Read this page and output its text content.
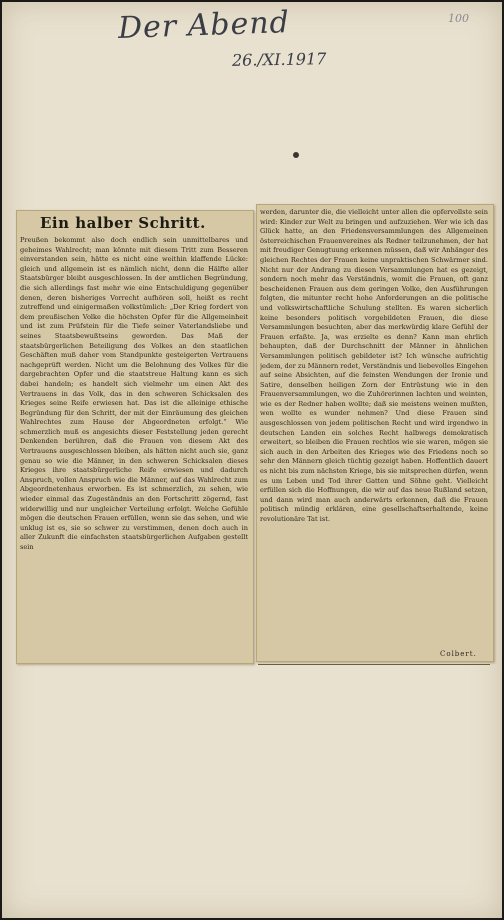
Der Abend
26./XI.1917
100
Ein halber Schritt.
Preußen bekommt also doch endlich sein unmittelbares und geheimes Wahlrecht; man könnte mit diesem Tritt zum Besseren einverstanden sein, hätte es nicht eine weithin klaffende Lücke: gleich und allgemein ist es nämlich nicht, denn die Hälfte aller Staatsbürger bleibt ausgeschlossen. In der amtlichen Begründung, die sich allerdings fast mehr wie eine Entschuldigung gegenüber denen, deren bisheriges Vorrecht aufhören soll, heißt es recht zutreffend und einigermaßen volkstümlich: „Der Krieg fordert von dem preußischen Volke die höchsten Opfer für die Allgemeinheit und ist zum Prüfstein für die Tiefe seiner Vaterlandsliebe und seines Staatsbewußtseins geworden. Das Maß der staatsbürgerlichen Beteiligung des Volkes an den staatlichen Geschäften muß daher vom Standpunkte gesteigerten Vertrauens nachgeprüft werden. Nicht um die Belohnung des Volkes für die dargebrachten Opfer und die staatstreue Haltung kann es sich dabei handeln; es handelt sich vielmehr um einen Akt des Vertrauens in das Volk, das in den schweren Schicksalen des Krieges seine Reife erwiesen hat. Das ist die alleinige ethische Begründung für den Schritt, der mit der Einräumung des gleichen Wahlrechtes zum Hause der Abgeordneten erfolgt.“ Wie schmerzlich muß es angesichts dieser Feststellung jeden gerecht Denkenden berühren, daß die Frauen von diesem Akt des Vertrauens ausgeschlossen bleiben, als hätten nicht auch sie, ganz genau so wie die Männer, in den schweren Schicksalen dieses Krieges ihre staatsbürgerliche Reife erwiesen und dadurch Anspruch, vollen Anspruch wie die Männer, auf das Wahlrecht zum Abgeordnetenhaus erworben. Es ist schmerzlich, zu sehen, wie wieder einmal das Zugeständnis an den Fortschritt zögernd, fast widerwillig und nur ungleicher Verteilung erfolgt. Welche Gefühle mögen die deutschen Frauen erfüllen, wenn sie das sehen, und wie unklug ist es, sie so schwer zu verstimmen, denen doch auch in aller Zukunft die einfachsten staatsbürgerlichen Aufgaben gestellt sein
werden, darunter die, die vielleicht unter allen die opfervollste sein wird: Kinder zur Welt zu bringen und aufzuziehen. Wer wie ich das Glück hatte, an den Friedensversammlungen des Allgemeinen österreichischen Frauenvereines als Redner teilzunehmen, der hat mit freudiger Genugtuung erkennen müssen, daß wir Anhänger des gleichen Rechtes der Frauen keine unpraktischen Schwärmer sind. Nicht nur der Andrang zu diesen Versammlungen hat es gezeigt, sondern noch mehr das Verständnis, womit die Frauen, oft ganz bescheidenen Frauen aus dem geringen Volke, den Ausführungen folgten, die mitunter recht hohe Anforderungen an die politische und volkswirtschaftliche Schulung stellten. Es waren sicherlich keine besonders politisch vorgebildeten Frauen, die diese Versammlungen besuchten, aber das merkwürdig klare Gefühl der Frauen erfaßte. Ja, was erzielte es denn? Kann man ehrlich behaupten, daß der Durchschnitt der Männer in ähnlichen Versammlungen politisch gebildeter ist? Ich wünsche aufrichtig jedem, der zu Männern redet, Verständnis und liebevolles Eingehen auf seine Absichten, auf die feinsten Wendungen der Ironie und Satire, denselben heiligen Zorn der Entrüstung wie in den Frauenversammlungen, wo die Zuhörerinnen lachten und weinten, wie es der Redner haben wollte; daß sie meistens weinen mußten, wen wollte es wunder nehmen? Und diese Frauen sind ausgeschlossen von jedem politischen Recht und wird irgendwo in deutschen Landen ein solches Recht halbwegs demokratisch erweitert, so bleiben die Frauen rechtlos wie sie waren, mögen sie sich auch in den Arbeiten des Krieges wie des Friedens noch so sehr den Männern gleich tüchtig gezeigt haben. Hoffentlich dauert es nicht bis zum nächsten Kriege, bis sie mitsprechen dürfen, wenn es um Leben und Tod ihrer Gatten und Söhne geht. Vielleicht erfüllen sich die Hoffnungen, die wir auf das neue Rußland setzen, und dann wird man auch anderwärts erkennen, daß die Frauen politisch mündig erklären, eine gesellschaftserhaltende, keine revolutionäre Tat ist.
Colbert.
